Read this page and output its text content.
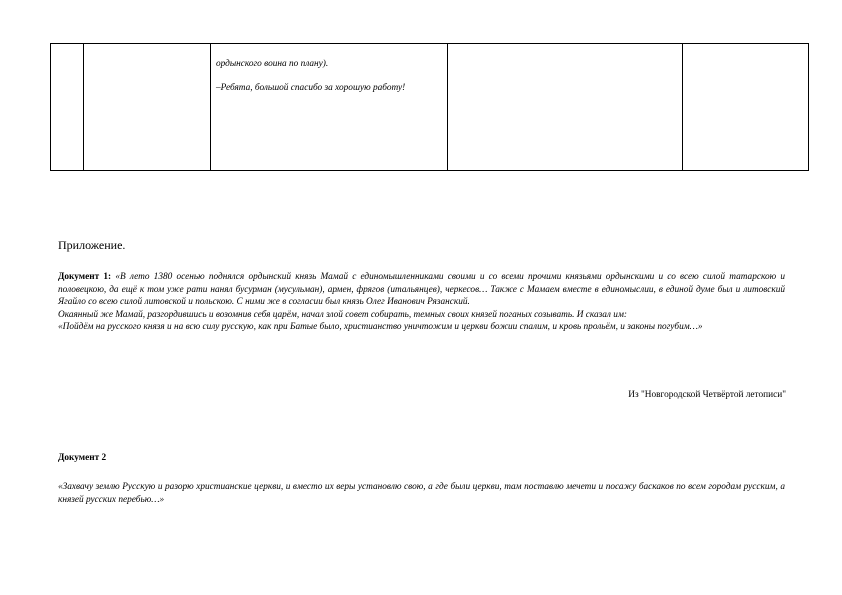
ордынского воина по плану).

–Ребята, большой спасибо за хорошую работу!

Приложение.

Документ 1: «В лето 1380 осенью поднялся ордынский князь Мамай с единомышленниками своими и со всеми прочими князьями ордынскими и со всею силой татарскою и половецкою, да ещё к том уже рати нанял бусурман (мусульман), армен, фрягов (итальянцев), черкесов… Также с Мамаем вместе в единомыслии, в единой думе был и литовский Ягайло со всею силой литовской и польскою. С ними же в согласии был князь Олег Иванович Рязанский.

Окаянный же Мамай, разгордившись и возомнив себя царём, начал злой совет собирать, темных своих князей поганых созывать. И сказал им:

«Пойдём на русского князя и на всю силу русскую, как при Батые было, христианство уничтожим и церкви божии спалим, и кровь прольём, и законы погубим…»

Из "Новгородской Четвёртой летописи"
Документ 2

«Захвачу землю Русскую и разорю христианские церкви, и вместо их веры установлю свою, а где были церкви, там поставлю мечети и посажу баскаков по всем городам русским, а князей русских перебью…»
